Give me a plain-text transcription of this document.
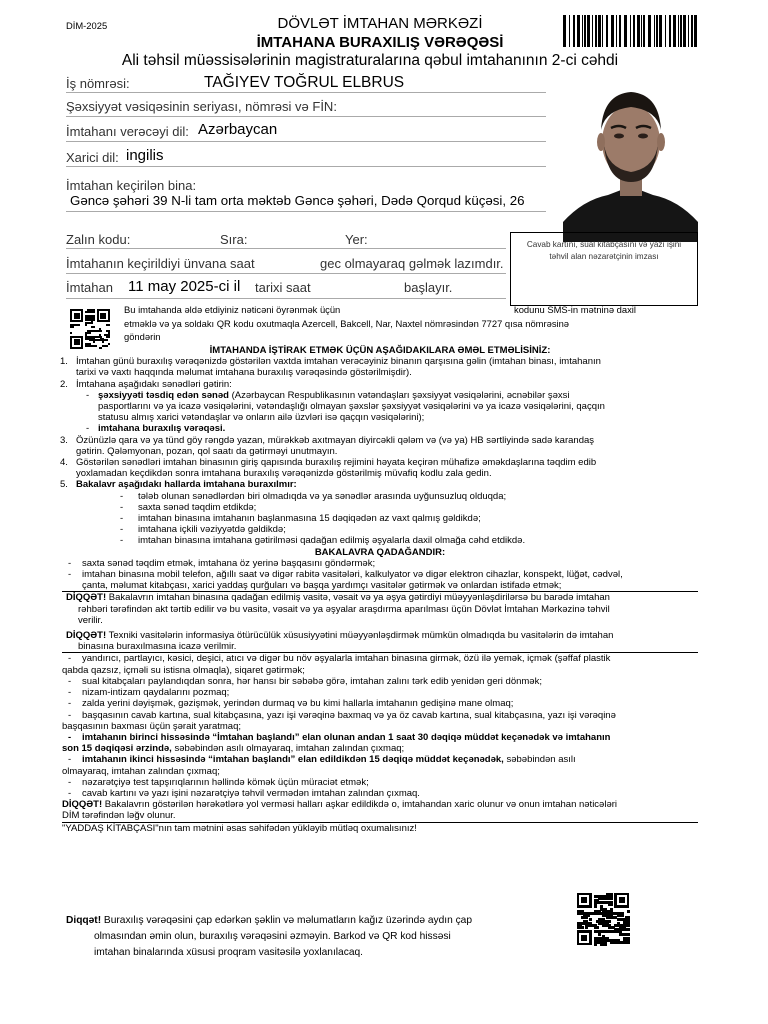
DİM-2025	DÖVLƏT İMTAHAN MƏRKƏZİ
İMTAHANA BURAXILIŞ VƏRƏQƏSİ
Ali təhsil müəssisələrinin magistraturalarına qəbul imtahanının 2-ci cəhdi
İş nömrəsi:	TAĞIYEV TOĞRUL ELBRUS
Şəxsiyyət vəsiqəsinin seriyası, nömrəsi və FİN:
İmtahanı verəcəyi dil: Azərbaycan
Xarici dil: ingilis
İmtahan keçirilən bina:
Gəncə şəhəri 39 N-li tam orta məktəb Gəncə şəhəri, Dədə Qorqud küçəsi, 26
Zalın kodu:	Sıra:	Yer:
İmtahanın keçirildiyi ünvana saat	gec olmayaraq gəlmək lazımdır.
İmtahan 11 may 2025-ci il tarixi saat	başlayır.
Cavab kartını, sual kitabçasını və yazı işini təhvil alan nəzarətçinin imzası
Bu imtahanda əldə etdiyiniz nəticəni öyrənmək üçün	kodunu SMS-in mətninə daxil
etməklə və ya soldakı QR kodu oxutmaqla Azercell, Bakcell, Nar, Naxtel nömrəsindən 7727 qısa nömrəsinə
göndərin

İMTAHANDA İŞTİRAK ETMƏK ÜÇÜN AŞAĞIDAKILARA ƏMƏL ETMƏLİSİNİZ:

1. İmtahan günü buraxılış vərəqənizdə göstərilən vaxtda imtahan verəcəyiniz binanın qarşısına gəlin (imtahan binası, imtahanın

tarixi və vaxtı haqqında məlumat imtahana buraxılış vərəqəsində göstərilmişdir).

2. İmtahana aşağıdakı sənədləri gətirin:

- şəxsiyyəti təsdiq edən sənəd (Azərbaycan Respublikasının vətəndaşları şəxsiyyət vəsiqələrini, əcnəbilər şəxsi

pasportlarını və ya icazə vəsiqələrini, vətəndaşlığı olmayan şəxslər şəxsiyyət vəsiqələrini və ya icazə vəsiqələrini, qaçqın

statusu almış xarici vətəndaşlar və onların ailə üzvləri isə qaçqın vəsiqələrini);

- imtahana buraxılış vərəqəsi.

3. Özünüzlə qara və ya tünd göy rəngdə yazan, mürəkkəb axıtmayan diyircəkli qələm və (və ya) HB sərtliyində sadə karandaş

gətirin. Qələmyonan, pozan, qol saatı da gətirməyi unutmayın.

4. Göstərilən sənədləri imtahan binasının giriş qapısında buraxılış rejimini həyata keçirən mühafizə əməkdaşlarına təqdim edib

yoxlamadan keçdikdən sonra imtahana buraxılış vərəqənizdə göstərilmiş müvafiq kodlu zala gedin.

5. Bakalavr aşağıdakı hallarda imtahana buraxılmır:

- tələb olunan sənədlərdən biri olmadıqda və ya sənədlər arasında uyğunsuzluq olduqda;
- saxta sənəd təqdim etdikdə;
- imtahan binasına imtahanın başlanmasına 15 dəqiqədən az vaxt qalmış gəldikdə;
- imtahana içkili vəziyyətdə gəldikdə;
- imtahan binasına imtahana gətirilməsi qadağan edilmiş əşyalarla daxil olmağa cəhd etdikdə.

BAKALAVRA QADAĞANDIR:

- saxta sənəd təqdim etmək, imtahana öz yerinə başqasını göndərmək;

- imtahan binasına mobil telefon, ağıllı saat və digər rabitə vasitələri, kalkulyator və digər elektron cihazlar, konspekt, lüğət, cədvəl,

çanta, məlumat kitabçası, xarici yaddaş qurğuları və başqa yardımçı vasitələr gətirmək və onlardan istifadə etmək;

DİQQƏT! Bakalavrın imtahan binasına qadağan edilmiş vasitə, vəsait və ya əşya gətirdiyi müəyyənləşdirilərsə bu barədə imtahan

rəhbəri tərəfindən akt tərtib edilir və bu vasitə, vəsait və ya əşyalar araşdırma aparılması üçün Dövlət İmtahan Mərkəzinə təhvil

verilir.

DİQQƏT! Texniki vasitələrin informasiya ötürücülük xüsusiyyətini müəyyənləşdirmək mümkün olmadıqda bu vasitələrin də imtahan

binasına buraxılmasına icazə verilmir.

- yandırıcı, partlayıcı, kəsici, deşici, atıcı və digər bu növ əşyalarla imtahan binasına girmək, özü ilə yemək, içmək (şəffaf plastik

qabda qazsız, içməli su istisna olmaqla), siqaret gətirmək;

- sual kitabçaları paylandıqdan sonra, hər hansı bir səbəbə görə, imtahan zalını tərk edib yenidən geri dönmək;
- nizam-intizam qaydalarını pozmaq;
- zalda yerini dəyişmək, gəzişmək, yerindən durmaq və bu kimi hallarla imtahanın gedişinə mane olmaq;
- başqasının cavab kartına, sual kitabçasına, yazı işi vərəqinə baxmaq və ya öz cavab kartına, sual kitabçasına, yazı işi vərəqinə

başqasının baxması üçün şərait yaratmaq;

- imtahanın birinci hissəsində “İmtahan başlandı” elan olunan andan 1 saat 30 dəqiqə müddət keçənədək və imtahanın

son 15 dəqiqəsi ərzində, səbəbindən asılı olmayaraq, imtahan zalından çıxmaq;

- imtahanın ikinci hissəsində “imtahan başlandı” elan edildikdən 15 dəqiqə müddət keçənədək, səbəbindən asılı

olmayaraq, imtahan zalından çıxmaq;

- nəzarətçiyə test tapşırıqlarının həllində kömək üçün müraciət etmək;
- cavab kartını və yazı işini nəzarətçiyə təhvil vermədən imtahan zalından çıxmaq.

DİQQƏT! Bakalavrın göstərilən hərəkətlərə yol verməsi halları aşkar edildikdə o, imtahandan xaric olunur və onun imtahan nəticələri

DİM tərəfindən ləğv olunur.

"YADDAŞ KİTABÇASI"nın tam mətnini əsas səhifədən yükləyib mütləq oxumalısınız!

Diqqət! Buraxılış vərəqəsini çap edərkən şəklin və məlumatların kağız üzərində aydın çap

olmasından əmin olun, buraxılış vərəqəsini əzməyin. Barkod və QR kod hissəsi

imtahan binalarında xüsusi proqram vasitəsilə yoxlanılacaq.
